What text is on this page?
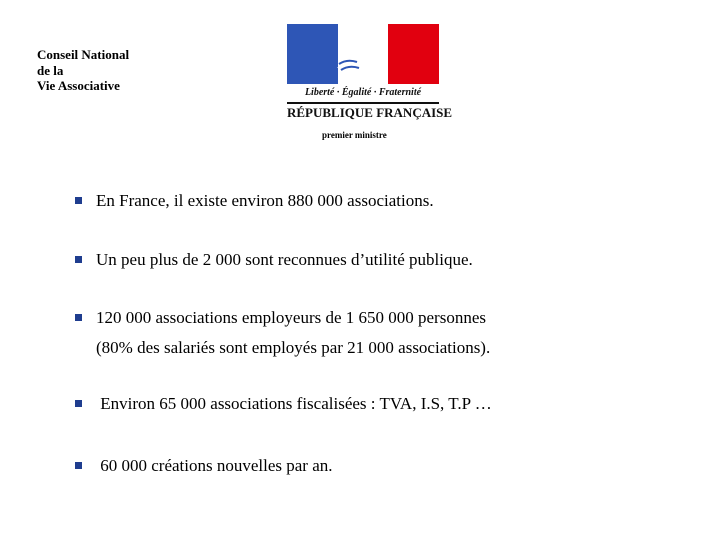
Conseil National
de la
Vie Associative	Liberté · Égalité · Fraternité
RÉPUBLIQUE FRANÇAISE
premier ministre
En France, il existe environ 880 000 associations.
Un peu plus de 2 000 sont reconnues d’utilité publique.
120 000 associations employeurs de 1 650 000 personnes
(80% des salariés sont employés par 21 000 associations).
Environ 65 000 associations fiscalisées : TVA, I.S, T.P …
60 000 créations nouvelles par an.
